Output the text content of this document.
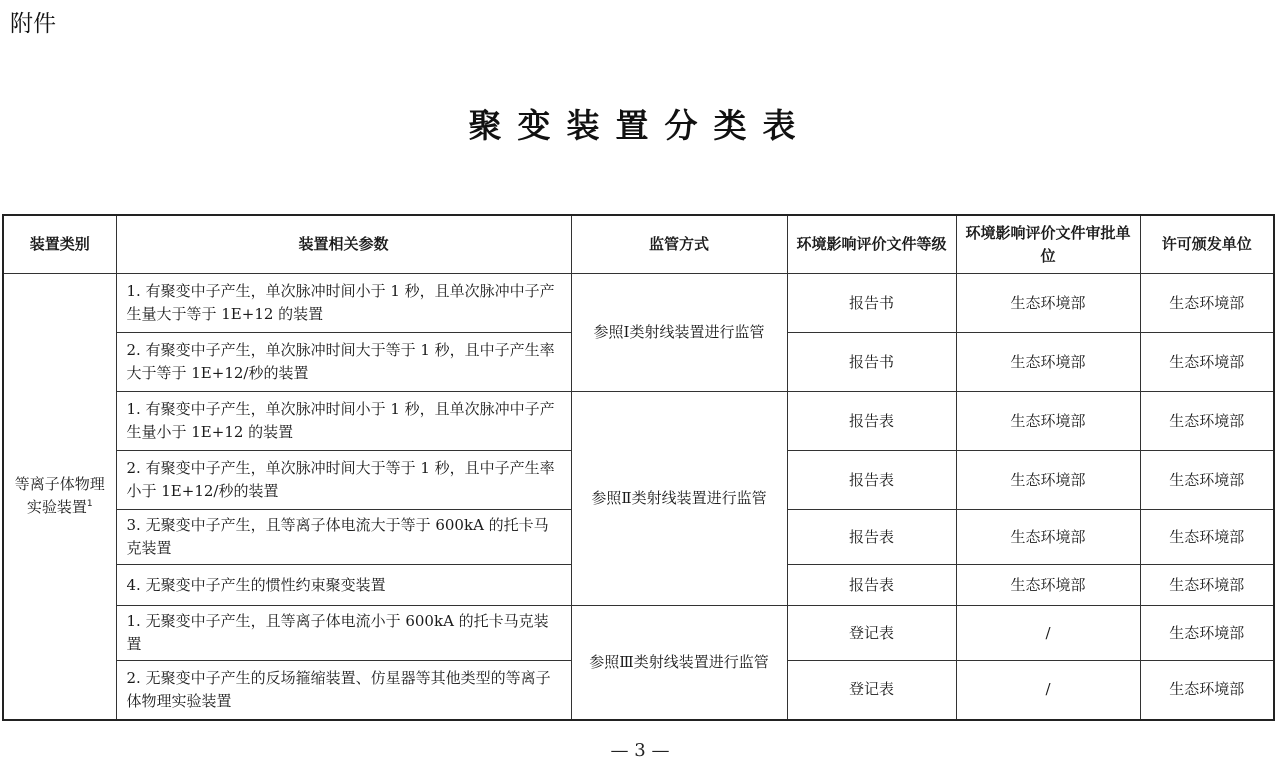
附件
聚变装置分类表
装置类别	装置相关参数	监管方式	环境影响评价文件等级	环境影响评价文件审批单位	许可颁发单位
等离子体物理实验装置$^1$	1. 有聚变中子产生，单次脉冲时间小于 1 秒，且单次脉冲中子产生量大于等于 1E+12 的装置	参照Ⅰ类射线装置进行监管	报告书	生态环境部	生态环境部
	2. 有聚变中子产生，单次脉冲时间大于等于 1 秒，且中子产生率大于等于 1E+12/秒的装置		报告书	生态环境部	生态环境部
	1. 有聚变中子产生，单次脉冲时间小于 1 秒，且单次脉冲中子产生量小于 1E+12 的装置	参照Ⅱ类射线装置进行监管	报告表	生态环境部	生态环境部
	2. 有聚变中子产生，单次脉冲时间大于等于 1 秒，且中子产生率小于 1E+12/秒的装置		报告表	生态环境部	生态环境部
	3. 无聚变中子产生，且等离子体电流大于等于 600kA 的托卡马克装置		报告表	生态环境部	生态环境部
	4. 无聚变中子产生的惯性约束聚变装置		报告表	生态环境部	生态环境部
	1. 无聚变中子产生，且等离子体电流小于 600kA 的托卡马克装置	参照Ⅲ类射线装置进行监管	登记表	/	生态环境部
	2. 无聚变中子产生的反场箍缩装置、仿星器等其他类型的等离子体物理实验装置		登记表	/	生态环境部
— 3 —
